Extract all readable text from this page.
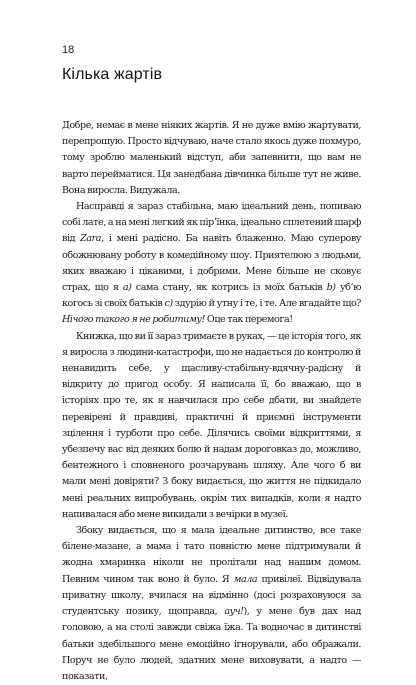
18
Кілька жартів

Добре, немає в мене ніяких жартів. Я не дуже вмію жартувати, перепрошую. Просто відчуваю, наче стало якось дуже похмуро, тому зроблю маленький відступ, аби запевнити, що вам не варто перейматися. Ця занедбана дівчинка більше тут не живе. Вона виросла. Видужала.

Насправді я зараз стабільна, маю ідеальний день, попиваю собі лате, а на мені легкий як пір’їнка, ідеально сплетений шарф від Zara, і мені радісно. Ба навіть блаженно. Маю суперову обожнювану роботу в комедійному шоу. Приятелюю з людьми, яких вважаю і цікавими, і добрими. Мене більше не сковує страх, що я а) сама стану, як котрись із моїх батьків b) уб’ю когось зі своїх батьків c) здурію й утну і те, і те. Але вгадайте що? Нічого такого я не робитиму! Оце так перемога!

Книжка, що ви її зараз тримаєте в руках, — це історія того, як я виросла з людини-катастрофи, що не надається до контролю й ненавидить себе, у щасливу-стабільну-вдячну-радісну й відкриту до пригод особу. Я написала її, бо вважаю, що в історіях про те, як я навчилася про себе дбати, ви знайдете перевірені й правдиві, практичні й приємні інструменти зцілення і турботи про себе. Ділячись своїми відкриттями, я убезпечу вас від деяких болю й надам дороговказ до, можливо, бентежного і сповненого розчарувань шляху. Але чого б ви мали мені довіряти? З боку видається, що життя не підкидало мені реальних випробувань, окрім тих випадків, коли я надто напивалася або мене викидали з вечірки в музеї.

Збоку видається, що я мала ідеальне дитинство, все таке білене-мазане, а мама і тато повністю мене підтримували й жодна хмаринка ніколи не пролітали над нашим домом. Певним чином так воно й було. Я мала привілеї. Відвідувала приватну школу, вчилася на відмінно (досі розраховуюся за студентську позику, щоправда, аyч!), у мене був дах над головою, а на столі завжди свіжа їжа. Та водночас в дитинстві батьки здебільшого мене емоційно ігнорували, або ображали. Поруч не було людей, здатних мене виховувати, а надто — показати,
